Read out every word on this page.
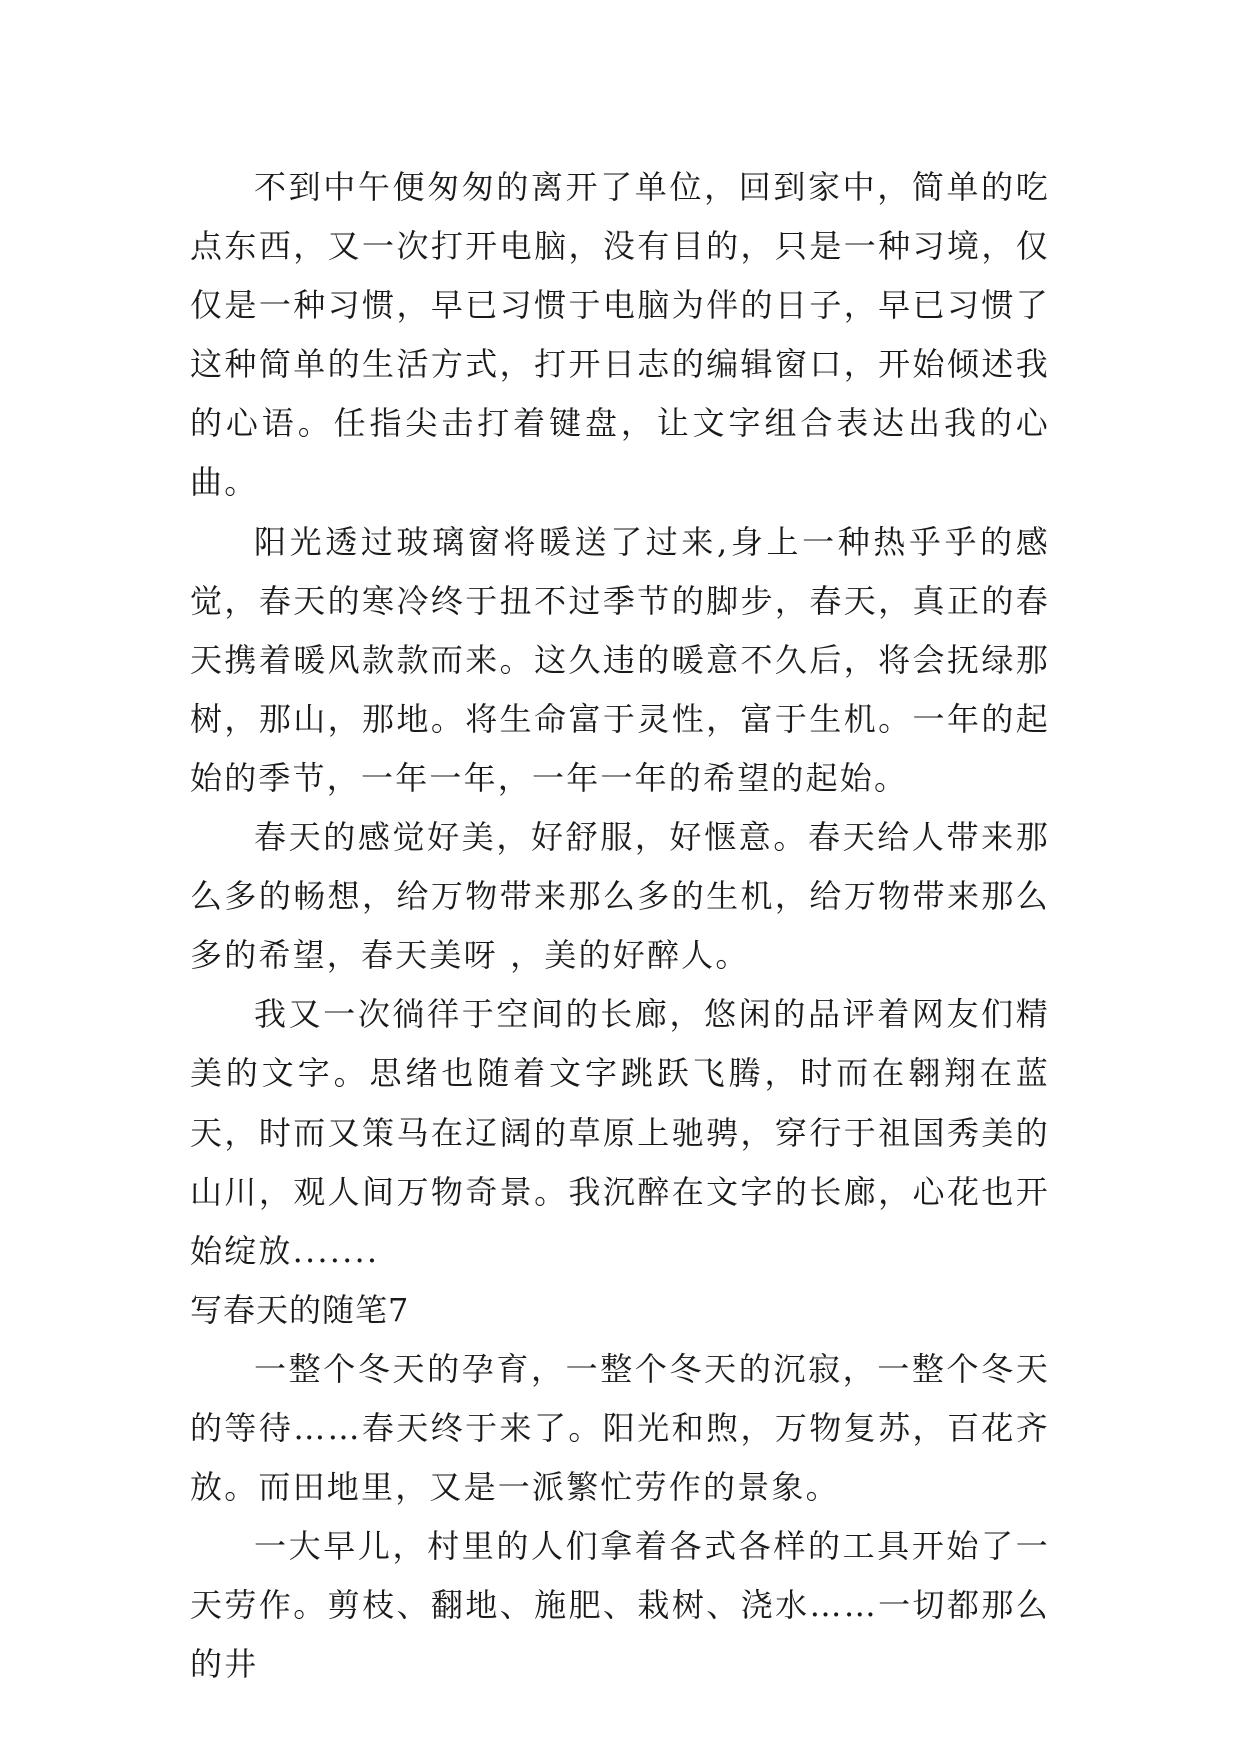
不到中午便匆匆的离开了单位，回到家中，简单的吃点东西，又一次打开电脑，没有目的，只是一种习境，仅仅是一种习惯，早已习惯于电脑为伴的日子，早已习惯了这种简单的生活方式，打开日志的编辑窗口，开始倾述我的心语。任指尖击打着键盘，让文字组合表达出我的心曲。

阳光透过玻璃窗将暖送了过来,身上一种热乎乎的感觉，春天的寒冷终于扭不过季节的脚步，春天，真正的春天携着暖风款款而来。这久违的暖意不久后，将会抚绿那树，那山，那地。将生命富于灵性，富于生机。一年的起始的季节，一年一年，一年一年的希望的起始。

春天的感觉好美，好舒服，好惬意。春天给人带来那么多的畅想，给万物带来那么多的生机，给万物带来那么多的希望，春天美呀 ，美的好醉人。

我又一次徜徉于空间的长廊，悠闲的品评着网友们精美的文字。思绪也随着文字跳跃飞腾，时而在翱翔在蓝天，时而又策马在辽阔的草原上驰骋，穿行于祖国秀美的山川，观人间万物奇景。我沉醉在文字的长廊，心花也开始绽放.......

写春天的随笔7

一整个冬天的孕育，一整个冬天的沉寂，一整个冬天的等待……春天终于来了。阳光和煦，万物复苏，百花齐放。而田地里，又是一派繁忙劳作的景象。

一大早儿，村里的人们拿着各式各样的工具开始了一天劳作。剪枝、翻地、施肥、栽树、浇水……一切都那么的井
